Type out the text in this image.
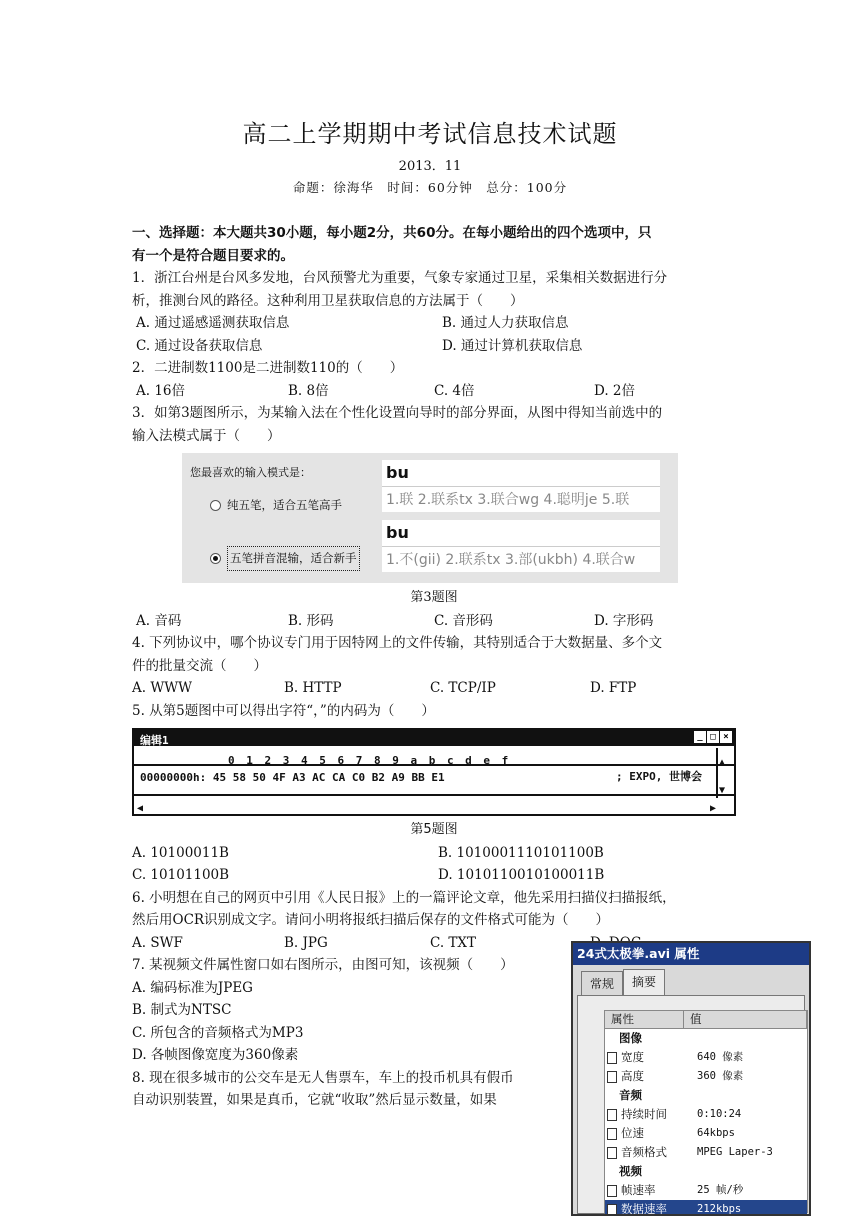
高二上学期期中考试信息技术试题
2013．11
命题：徐海华　时间：60分钟　总分：100分

一、选择题：本大题共30小题，每小题2分，共60分。在每小题给出的四个选项中，只

有一个是符合题目要求的。

1．浙江台州是台风多发地，台风预警尤为重要，气象专家通过卫星，采集相关数据进行分

析，推测台风的路径。这种利用卫星获取信息的方法属于（　　）

A. 通过遥感遥测获取信息	B. 通过人力获取信息
C. 通过设备获取信息	D. 通过计算机获取信息

2．二进制数1100是二进制数110的（　　）

A. 16倍	B. 8倍	C. 4倍	D. 2倍

3．如第3题图所示，为某输入法在个性化设置向导时的部分界面，从图中得知当前选中的

输入法模式属于（　　）

您最喜欢的输入模式是：
纯五笔，适合五笔高手
五笔拼音混输，适合新手
bu
1.联 2.联系tx 3.联合wg 4.聪明je 5.联
bu
1.不(gii) 2.联系tx 3.部(ukbh) 4.联合w

第3题图

A. 音码	B. 形码	C. 音形码	D. 字形码

4. 下列协议中，哪个协议专门用于因特网上的文件传输，其特别适合于大数据量、多个文

件的批量交流（　　）

A. WWW	B. HTTP	C. TCP/IP	D. FTP

5. 从第5题图中可以得出字符“，”的内码为（　　）

编辑1	_ □ ×
0 1 2 3 4 5 6 7 8 9 a b c d e f
00000000h: 45 58 50 4F A3 AC CA C0 B2 A9 BB E1	; EXPO, 世博会
▲
▼
◀	▶

第5题图

A. 10100011B	B. 1010001110101100B
C. 10101100B	D. 1010110010100011B

6. 小明想在自己的网页中引用《人民日报》上的一篇评论文章，他先采用扫描仪扫描报纸，

然后用OCR识别成文字。请问小明将报纸扫描后保存的文件格式可能为（　　）

A. SWF	B. JPG	C. TXT

7. 某视频文件属性窗口如右图所示，由图可知，该视频（　　）

A. 编码标准为JPEG

B. 制式为NTSC

C. 所包含的音频格式为MP3

D. 各帧图像宽度为360像素

8. 现在很多城市的公交车是无人售票车，车上的投币机具有假币

自动识别装置，如果是真币，它就“收取”然后显示数量，如果

24式太极拳.avi 属性
常规	摘要
属性	值
图像
宽度	640 像素
高度	360 像素
音频
持续时间	0:10:24
位速	64kbps
音频格式	MPEG Laper-3
视频
帧速率	25 帧/秒
数据速率	212kbps
